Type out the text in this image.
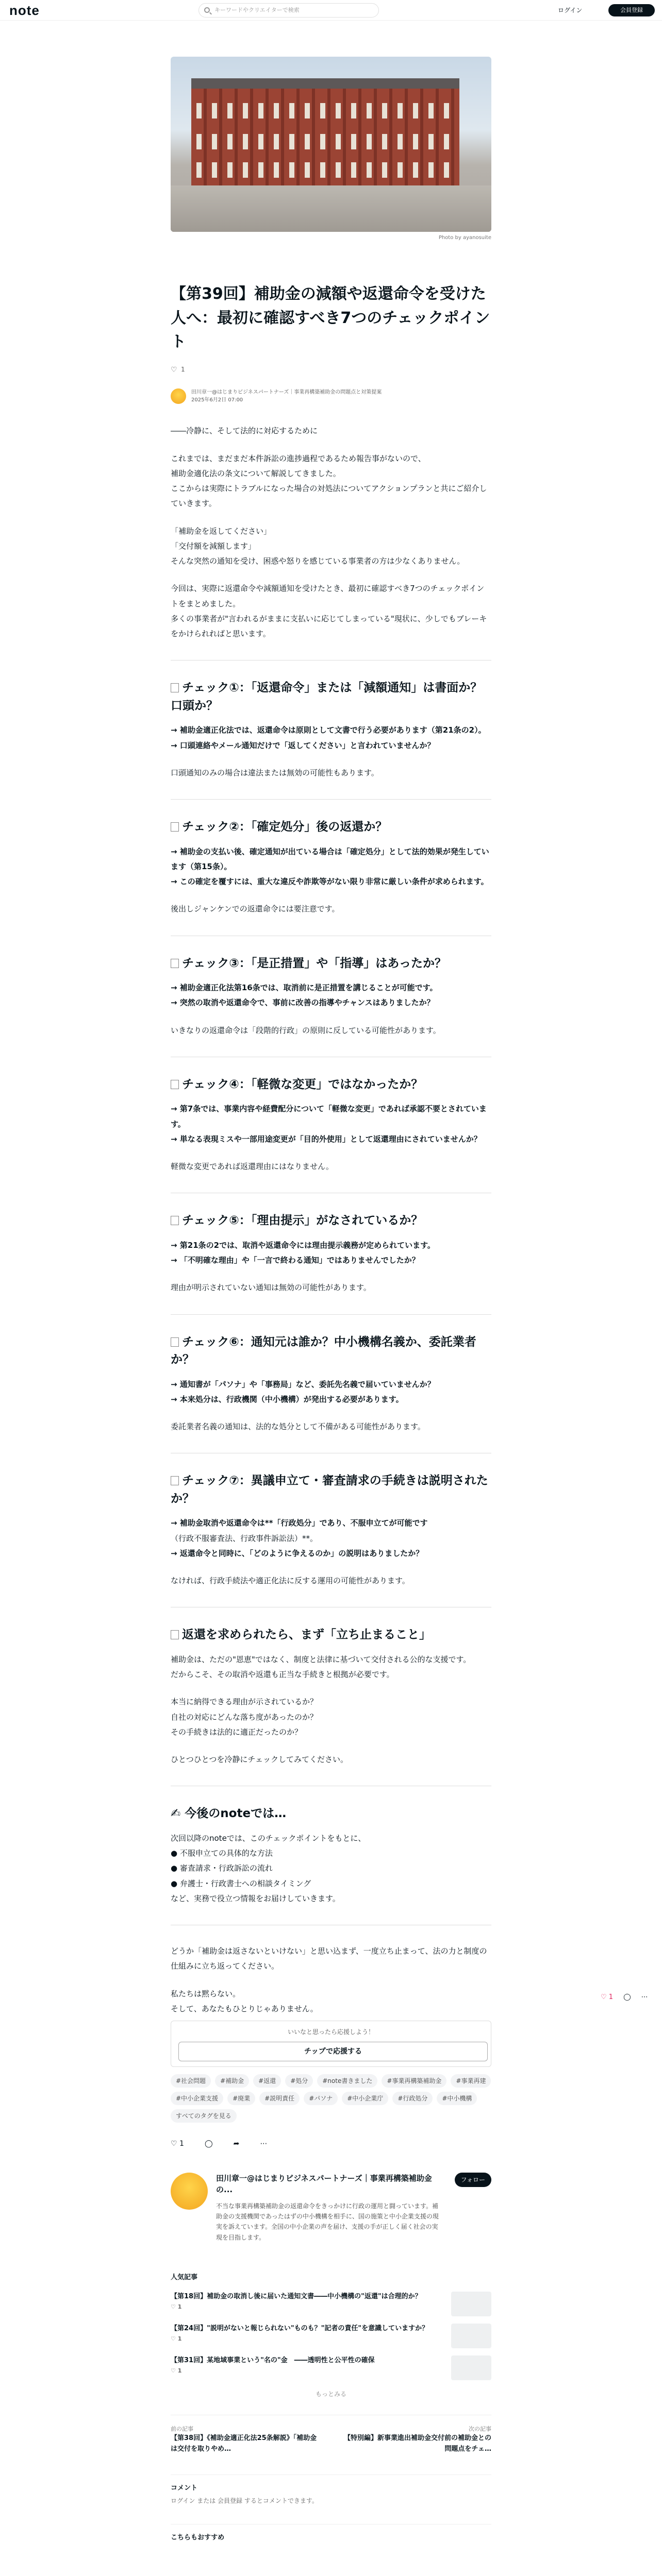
note	キーワードやクリエイターで検索	ログイン	会員登録
Photo by ayanosuite
【第39回】補助金の減額や返還命令を受けた人へ：最初に確認すべき7つのチェックポイント
♡
1
田川章一@はじまりビジネスパートナーズ｜事業再構築補助金の問題点と対策提案
2025年6月2日 07:00

――冷静に、そして法的に対応するために

これまでは、まだまだ本件訴訟の進捗過程であるため報告事がないので、

補助金適化法の条文について解説してきました。

ここからは実際にトラブルになった場合の対処法についてアクションプランと共にご紹介していきます。

「補助金を返してください」

「交付額を減額します」

そんな突然の通知を受け、困惑や怒りを感じている事業者の方は少なくありません。

今回は、実際に返還命令や減額通知を受けたとき、最初に確認すべき7つのチェックポイントをまとめました。

多くの事業者が"言われるがままに支払いに応じてしまっている"現状に、少しでもブレーキをかけられればと思います。

チェック①：「返還命令」または「減額通知」は書面か？口頭か？

→ 補助金適正化法では、返還命令は原則として文書で行う必要があります（第21条の2）。

→ 口頭連絡やメール通知だけで「返してください」と言われていませんか？

口頭通知のみの場合は違法または無効の可能性もあります。

チェック②：「確定処分」後の返還か？

→ 補助金の支払い後、確定通知が出ている場合は「確定処分」として法的効果が発生しています（第15条）。

→ この確定を覆すには、重大な違反や詐欺等がない限り非常に厳しい条件が求められます。

後出しジャンケンでの返還命令には要注意です。

チェック③：「是正措置」や「指導」はあったか？

→ 補助金適正化法第16条では、取消前に是正措置を講じることが可能です。

→ 突然の取消や返還命令で、事前に改善の指導やチャンスはありましたか？

いきなりの返還命令は「段階的行政」の原則に反している可能性があります。

チェック④：「軽微な変更」ではなかったか？

→ 第7条では、事業内容や経費配分について「軽微な変更」であれば承認不要とされています。

→ 単なる表現ミスや一部用途変更が「目的外使用」として返還理由にされていませんか？

軽微な変更であれば返還理由にはなりません。

チェック⑤：「理由提示」がなされているか？

→ 第21条の2では、取消や返還命令には理由提示義務が定められています。

→ 「不明確な理由」や「一言で終わる通知」ではありませんでしたか？

理由が明示されていない通知は無効の可能性があります。

チェック⑥：通知元は誰か？中小機構名義か、委託業者か？

→ 通知書が「パソナ」や「事務局」など、委託先名義で届いていませんか？

→ 本来処分は、行政機関（中小機構）が発出する必要があります。

委託業者名義の通知は、法的な処分として不備がある可能性があります。

チェック⑦：異議申立て・審査請求の手続きは説明されたか？

→ 補助金取消や返還命令は**「行政処分」であり、不服申立てが可能です

（行政不服審査法、行政事件訴訟法）**。

→ 返還命令と同時に、「どのように争えるのか」の説明はありましたか？

なければ、行政手続法や適正化法に反する運用の可能性があります。

返還を求められたら、まず「立ち止まること」

補助金は、ただの"恩恵"ではなく、制度と法律に基づいて交付される公的な支援です。

だからこそ、その取消や返還も正当な手続きと根拠が必要です。

本当に納得できる理由が示されているか？

自社の対応にどんな落ち度があったのか？

その手続きは法的に適正だったのか？

ひとつひとつを冷静にチェックしてみてください。

✍ 今後のnoteでは…

次回以降のnoteでは、このチェックポイントをもとに、

● 不服申立ての具体的な方法

● 審査請求・行政訴訟の流れ

● 弁護士・行政書士への相談タイミング

など、実務で役立つ情報をお届けしていきます。

どうか「補助金は返さないといけない」と思い込まず、一度立ち止まって、法の力と制度の仕組みに立ち返ってください。

私たちは黙らない。

そして、あなたもひとりじゃありません。

いいなと思ったら応援しよう！
チップで応援する
#社会問題	#補助金	#返還	#処分	#note書きました	#事業再構築補助金	#事業再建
#中小企業支援	#廃業	#説明責任	#パソナ	#中小企業庁	#行政処分	#中小機構
すべてのタグを見る
♡ 1	◯	➦	⋯
田川章一@はじまりビジネスパートナーズ｜事業再構築補助金の...
不当な事業再構築補助金の返還命令をきっかけに行政の運用と闘っています。補助金の支援機関であったはずの中小機構を相手に、国の施策と中小企業支援の現実を訴えています。全国の中小企業の声を届け、支援の手が正しく届く社会の実現を目指します。
フォロー
人気記事
【第18回】補助金の取消し後に届いた通知文書――中小機構の"返還"は合理的か？
♡ 1
【第24回】"説明がないと報じられない"ものも？"記者の責任"を意識していますか？
♡ 1
【第31回】某地域事業という"名の"金　――透明性と公平性の確保
♡ 1
もっとみる
前の記事
【第38回】《補助金適正化法25条解説》「補助金は交付を取りやめ…
次の記事
【特別編】新事業進出補助金交付前の補助金との問題点をチェ…
コメント
ログイン または 会員登録 するとコメントできます。
こちらもおすすめ
♡ 1 ◯ ⋯
